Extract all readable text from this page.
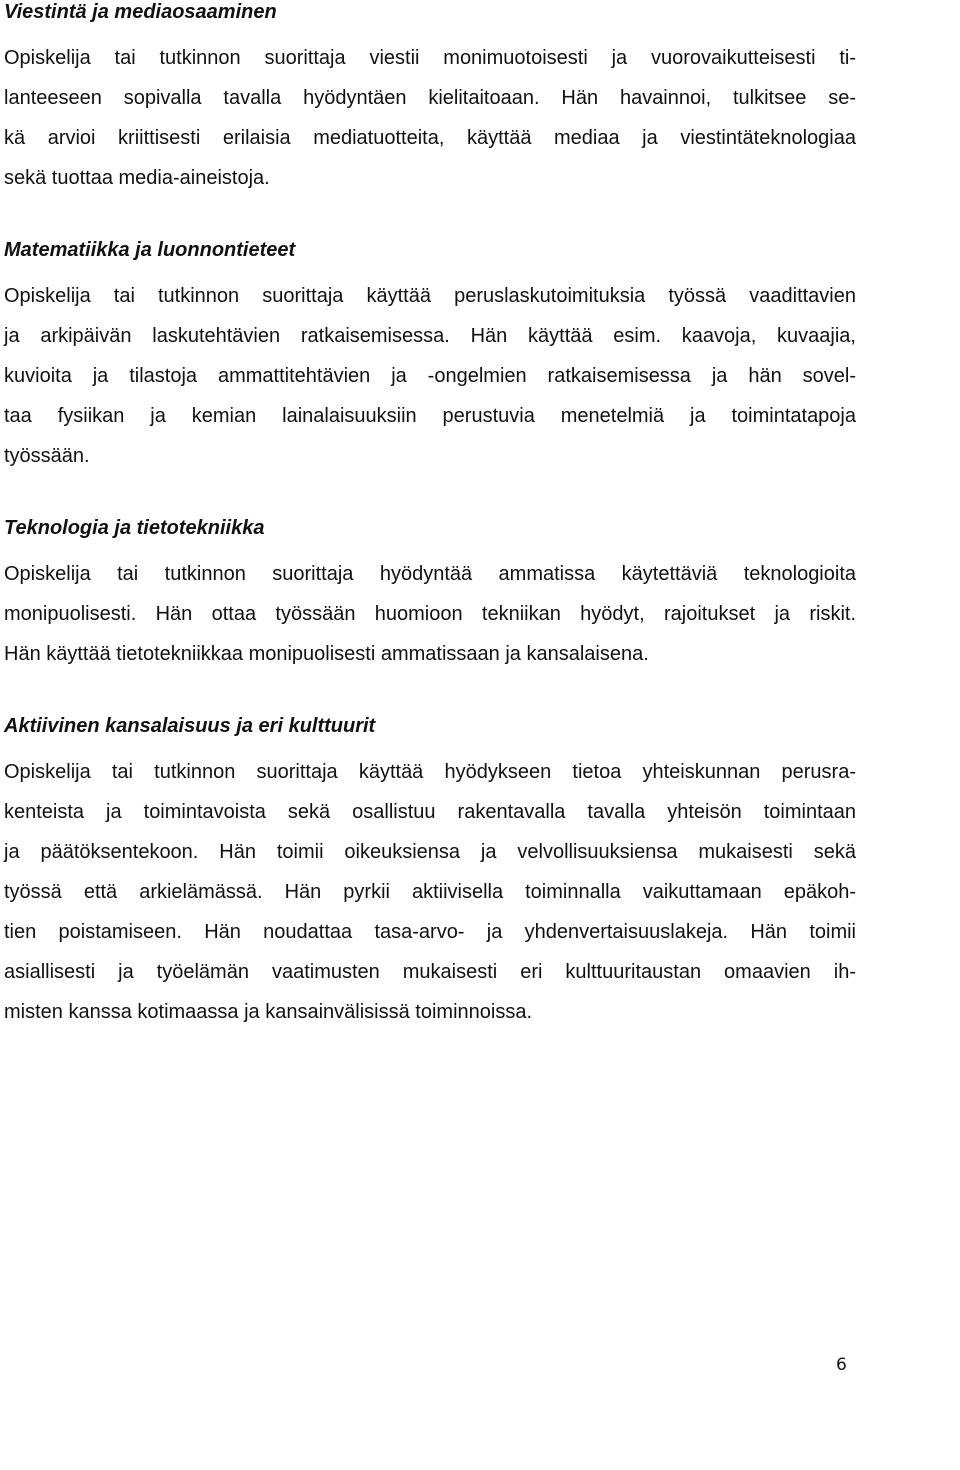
Viestintä ja mediaosaaminen

Opiskelija tai tutkinnon suorittaja viestii monimuotoisesti ja vuorovaikutteisesti ti-
lanteeseen sopivalla tavalla hyödyntäen kielitaitoaan. Hän havainnoi, tulkitsee se-
kä arvioi kriittisesti erilaisia mediatuotteita, käyttää mediaa ja viestintäteknologiaa
sekä tuottaa media-aineistoja.

Matematiikka ja luonnontieteet

Opiskelija tai tutkinnon suorittaja käyttää peruslaskutoimituksia työssä vaadittavien
ja arkipäivän laskutehtävien ratkaisemisessa. Hän käyttää esim. kaavoja, kuvaajia,
kuvioita ja tilastoja ammattitehtävien ja -ongelmien ratkaisemisessa ja hän sovel-
taa fysiikan ja kemian lainalaisuuksiin perustuvia menetelmiä ja toimintatapoja
työssään.

Teknologia ja tietotekniikka

Opiskelija tai tutkinnon suorittaja hyödyntää ammatissa käytettäviä teknologioita
monipuolisesti. Hän ottaa työssään huomioon tekniikan hyödyt, rajoitukset ja riskit.
Hän käyttää tietotekniikkaa monipuolisesti ammatissaan ja kansalaisena.

Aktiivinen kansalaisuus ja eri kulttuurit

Opiskelija tai tutkinnon suorittaja käyttää hyödykseen tietoa yhteiskunnan perusra-
kenteista ja toimintavoista sekä osallistuu rakentavalla tavalla yhteisön toimintaan
ja päätöksentekoon. Hän toimii oikeuksiensa ja velvollisuuksiensa mukaisesti sekä
työssä että arkielämässä. Hän pyrkii aktiivisella toiminnalla vaikuttamaan epäkoh-
tien poistamiseen. Hän noudattaa tasa-arvo- ja yhdenvertaisuuslakeja. Hän toimii
asiallisesti ja työelämän vaatimusten mukaisesti eri kulttuuritaustan omaavien ih-
misten kanssa kotimaassa ja kansainvälisissä toiminnoissa.

6
